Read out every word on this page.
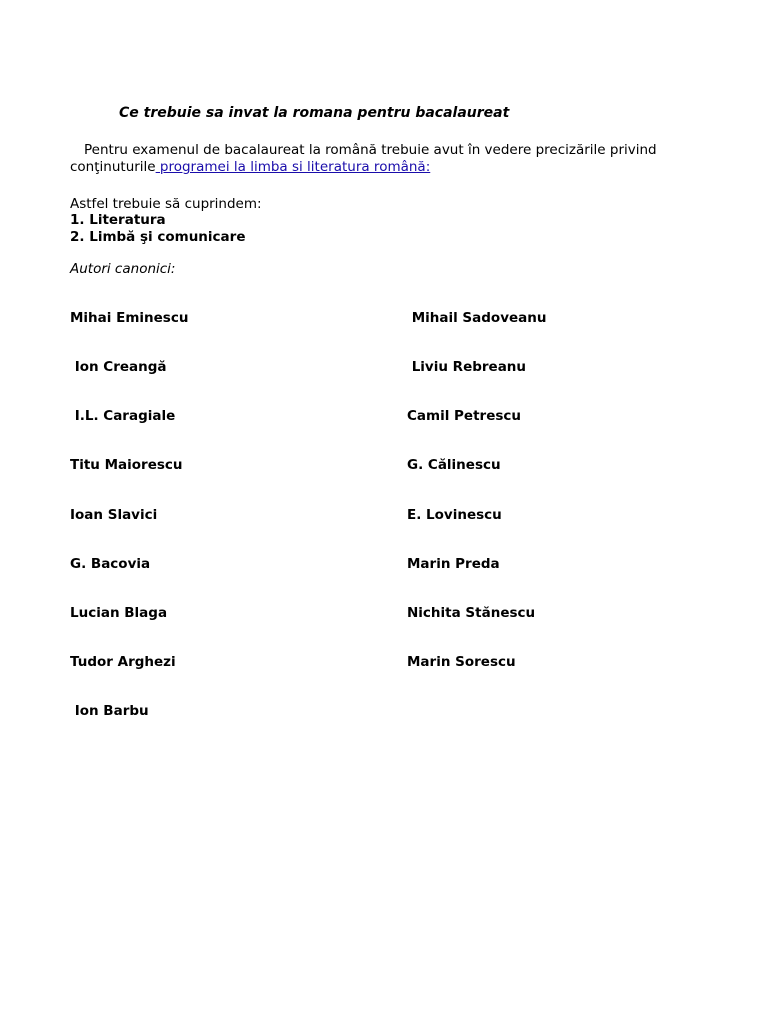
Ce trebuie sa invat la romana pentru bacalaureat

Pentru examenul de bacalaureat la română trebuie avut în vedere precizările privind conţinuturile programei la limba si literatura română:

Astfel trebuie să cuprindem:
1. Literatura
2. Limbă şi comunicare
Autori canonici:

Mihai Eminescu

Ion Creangă

I.L. Caragiale

Titu Maiorescu

Ioan Slavici

G. Bacovia

Lucian Blaga

Tudor Arghezi

Ion Barbu

Mihail Sadoveanu

Liviu Rebreanu

Camil Petrescu

G. Călinescu

E. Lovinescu

Marin Preda

Nichita Stănescu

Marin Sorescu
